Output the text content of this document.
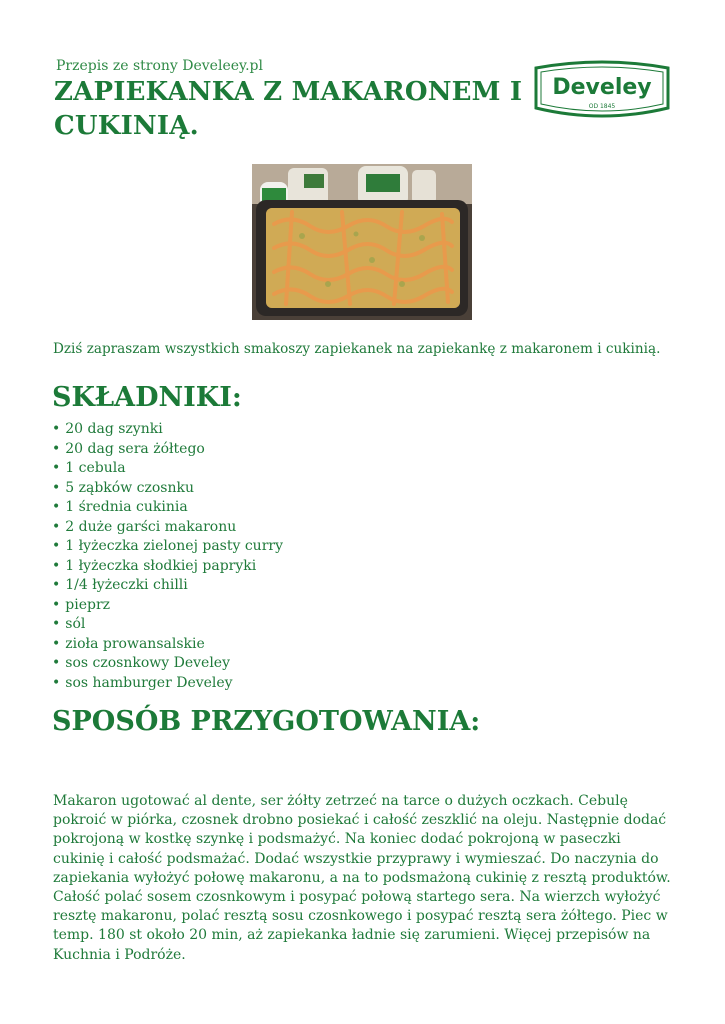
Przepis ze strony Develeey.pl
ZAPIEKANKA Z MAKARONEM I CUKINIĄ.
Develey
OD 1845
Dziś zapraszam wszystkich smakoszy zapiekanek na zapiekankę z makaronem i cukinią.
SKŁADNIKI:
• 20 dag szynki
• 20 dag sera żółtego
• 1 cebula
• 5 ząbków czosnku
• 1 średnia cukinia
• 2 duże garści makaronu
• 1 łyżeczka zielonej pasty curry
• 1 łyżeczka słodkiej papryki
• 1/4 łyżeczki chilli
• pieprz
• sól
• zioła prowansalskie
• sos czosnkowy Develey
• sos hamburger Develey
SPOSÓB PRZYGOTOWANIA:

Makaron ugotować al dente, ser żółty zetrzeć na tarce o dużych oczkach. Cebulę pokroić w piórka, czosnek drobno posiekać i całość zeszklić na oleju. Następnie dodać pokrojoną w kostkę szynkę i podsmażyć. Na koniec dodać pokrojoną w paseczki cukinię i całość podsmażać. Dodać wszystkie przyprawy i wymieszać. Do naczynia do zapiekania wyłożyć połowę makaronu, a na to podsmażoną cukinię z resztą produktów. Całość polać sosem czosnkowym i posypać połową startego sera. Na wierzch wyłożyć resztę makaronu, polać resztą sosu czosnkowego i posypać resztą sera żółtego. Piec w temp. 180 st około 20 min, aż zapiekanka ładnie się zarumieni. Więcej przepisów na Kuchnia i Podróże.
